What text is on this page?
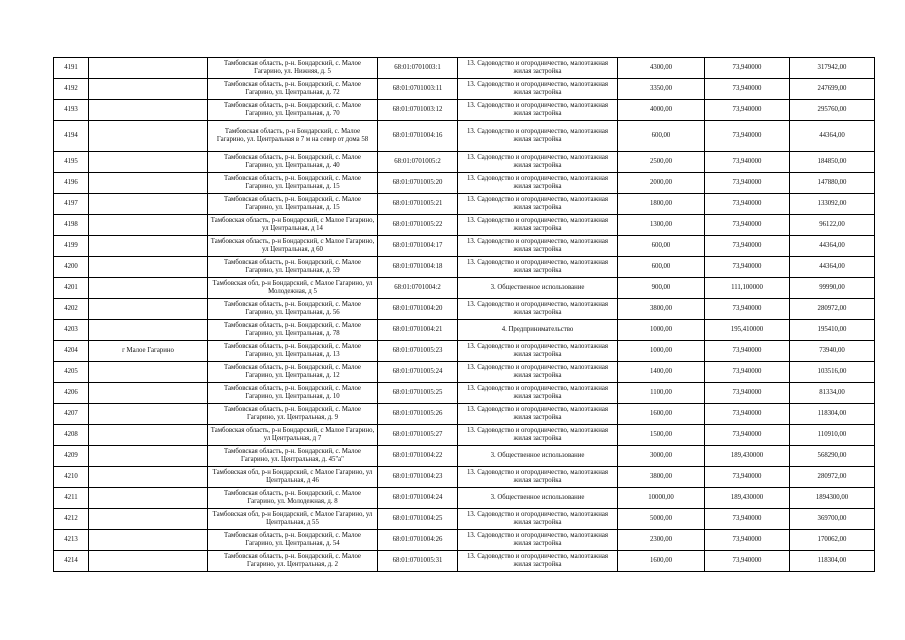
4191		Тамбовская область, р-н. Бондарский, с. Малое Гагарино, ул. Нижняя, д. 5	68:01:0701003:1	13. Садоводство и огородничество, малоэтажная жилая застройка	4300,00	73,940000	317942,00
4192		Тамбовская область, р-н. Бондарский, с. Малое Гагарино, ул. Центральная, д. 72	68:01:0701003:11	13. Садоводство и огородничество, малоэтажная жилая застройка	3350,00	73,940000	247699,00
4193		Тамбовская область, р-н. Бондарский, с. Малое Гагарино, ул. Центральная, д. 70	68:01:0701003:12	13. Садоводство и огородничество, малоэтажная жилая застройка	4000,00	73,940000	295760,00
4194		Тамбовская область, р-н Бондарский, с. Малое Гагарино, ул. Центральная в 7 м на север от дома 58	68:01:0701004:16	13. Садоводство и огородничество, малоэтажная жилая застройка	600,00	73,940000	44364,00
4195		Тамбовская область, р-н. Бондарский, с. Малое Гагарино, ул. Центральная, д. 40	68:01:0701005:2	13. Садоводство и огородничество, малоэтажная жилая застройка	2500,00	73,940000	184850,00
4196		Тамбовская область, р-н. Бондарский, с. Малое Гагарино, ул. Центральная, д. 15	68:01:0701005:20	13. Садоводство и огородничество, малоэтажная жилая застройка	2000,00	73,940000	147880,00
4197		Тамбовская область, р-н. Бондарский, с. Малое Гагарино, ул. Центральная, д. 15	68:01:0701005:21	13. Садоводство и огородничество, малоэтажная жилая застройка	1800,00	73,940000	133092,00
4198		Тамбовская область, р-н Бондарский, с Малое Гагарино, ул Центральная, д 14	68:01:0701005:22	13. Садоводство и огородничество, малоэтажная жилая застройка	1300,00	73,940000	96122,00
4199		Тамбовская область, р-н Бондарский, с Малое Гагарино, ул Центральная, д 60	68:01:0701004:17	13. Садоводство и огородничество, малоэтажная жилая застройка	600,00	73,940000	44364,00
4200		Тамбовская область, р-н. Бондарский, с. Малое Гагарино, ул. Центральная, д. 59	68:01:0701004:18	13. Садоводство и огородничество, малоэтажная жилая застройка	600,00	73,940000	44364,00
4201		Тамбовская обл, р-н Бондарский, с Малое Гагарино, ул Молодежная, д 5	68:01:0701004:2	3. Общественное использование	900,00	111,100000	99990,00
4202		Тамбовская область, р-н. Бондарский, с. Малое Гагарино, ул. Центральная, д. 56	68:01:0701004:20	13. Садоводство и огородничество, малоэтажная жилая застройка	3800,00	73,940000	280972,00
4203		Тамбовская область, р-н. Бондарский, с. Малое Гагарино, ул. Центральная, д. 78	68:01:0701004:21	4. Предпринимательство	1000,00	195,410000	195410,00
4204	г Малое Гагарино	Тамбовская область, р-н. Бондарский, с. Малое Гагарино, ул. Центральная, д. 13	68:01:0701005:23	13. Садоводство и огородничество, малоэтажная жилая застройка	1000,00	73,940000	73940,00
4205		Тамбовская область, р-н. Бондарский, с. Малое Гагарино, ул. Центральная, д. 12	68:01:0701005:24	13. Садоводство и огородничество, малоэтажная жилая застройка	1400,00	73,940000	103516,00
4206		Тамбовская область, р-н. Бондарский, с. Малое Гагарино, ул. Центральная, д. 10	68:01:0701005:25	13. Садоводство и огородничество, малоэтажная жилая застройка	1100,00	73,940000	81334,00
4207		Тамбовская область, р-н. Бондарский, с. Малое Гагарино, ул. Центральная, д. 9	68:01:0701005:26	13. Садоводство и огородничество, малоэтажная жилая застройка	1600,00	73,940000	118304,00
4208		Тамбовская область, р-н Бондарский, с Малое Гагарино, ул Центральная, д 7	68:01:0701005:27	13. Садоводство и огородничество, малоэтажная жилая застройка	1500,00	73,940000	110910,00
4209		Тамбовская область, р-н. Бондарский, с. Малое Гагарино, ул. Центральная, д. 45"а"	68:01:0701004:22	3. Общественное использование	3000,00	189,430000	568290,00
4210		Тамбовская обл, р-н Бондарский, с Малое Гагарино, ул Центральная, д 46	68:01:0701004:23	13. Садоводство и огородничество, малоэтажная жилая застройка	3800,00	73,940000	280972,00
4211		Тамбовская область, р-н. Бондарский, с. Малое Гагарино, ул. Молодежная, д. 8	68:01:0701004:24	3. Общественное использование	10000,00	189,430000	1894300,00
4212		Тамбовская обл, р-н Бондарский, с Малое Гагарино, ул Центральная, д 55	68:01:0701004:25	13. Садоводство и огородничество, малоэтажная жилая застройка	5000,00	73,940000	369700,00
4213		Тамбовская область, р-н. Бондарский, с. Малое Гагарино, ул. Центральная, д. 54	68:01:0701004:26	13. Садоводство и огородничество, малоэтажная жилая застройка	2300,00	73,940000	170062,00
4214		Тамбовская область, р-н. Бондарский, с. Малое Гагарино, ул. Центральная, д. 2	68:01:0701005:31	13. Садоводство и огородничество, малоэтажная жилая застройка	1600,00	73,940000	118304,00
